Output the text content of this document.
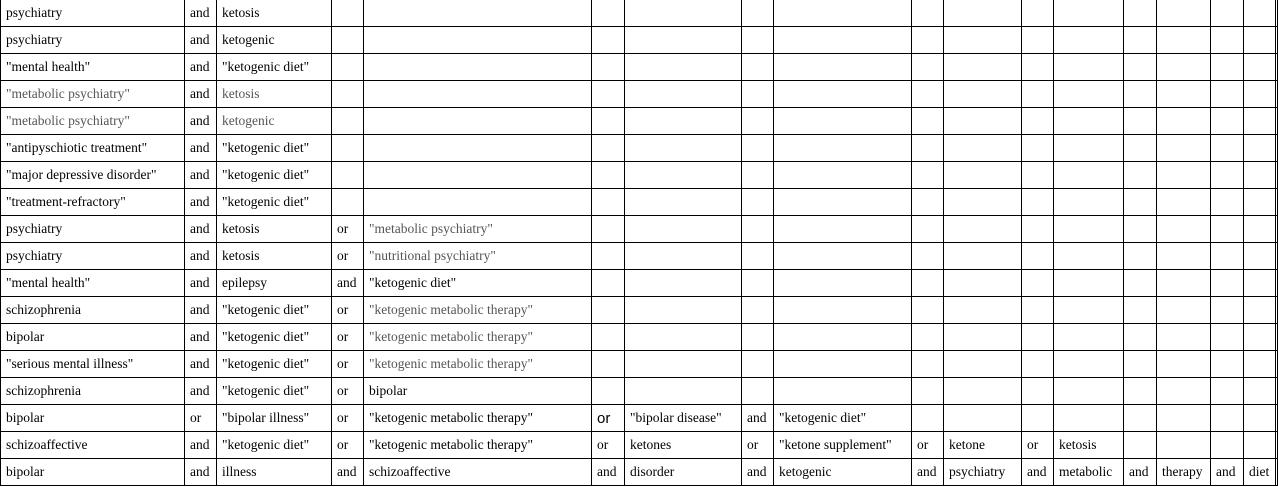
psychiatry	and	ketosis																	
psychiatry	and	ketogenic																	
"mental health"	and	"ketogenic diet"																	
"metabolic psychiatry"	and	ketosis																	
"metabolic psychiatry"	and	ketogenic																	
"antipyschiotic treatment"	and	"ketogenic diet"																	
"major depressive disorder"	and	"ketogenic diet"																	
"treatment-refractory"	and	"ketogenic diet"																	
psychiatry	and	ketosis	or	"metabolic psychiatry"															
psychiatry	and	ketosis	or	"nutritional psychiatry"															
"mental health"	and	epilepsy	and	"ketogenic diet"															
schizophrenia	and	"ketogenic diet"	or	"ketogenic metabolic therapy"															
bipolar	and	"ketogenic diet"	or	"ketogenic metabolic therapy"															
"serious mental illness"	and	"ketogenic diet"	or	"ketogenic metabolic therapy"															
schizophrenia	and	"ketogenic diet"	or	bipolar															
bipolar	or	"bipolar illness"	or	"ketogenic metabolic therapy"	or	"bipolar disease"	and	"ketogenic diet"											
schizoaffective	and	"ketogenic diet"	or	"ketogenic metabolic therapy"	or	ketones	or	"ketone supplement"	or	ketone	or	ketosis							
bipolar	and	illness	and	schizoaffective	and	disorder	and	ketogenic	and	psychiatry	and	metabolic	and	therapy	and	diet			
